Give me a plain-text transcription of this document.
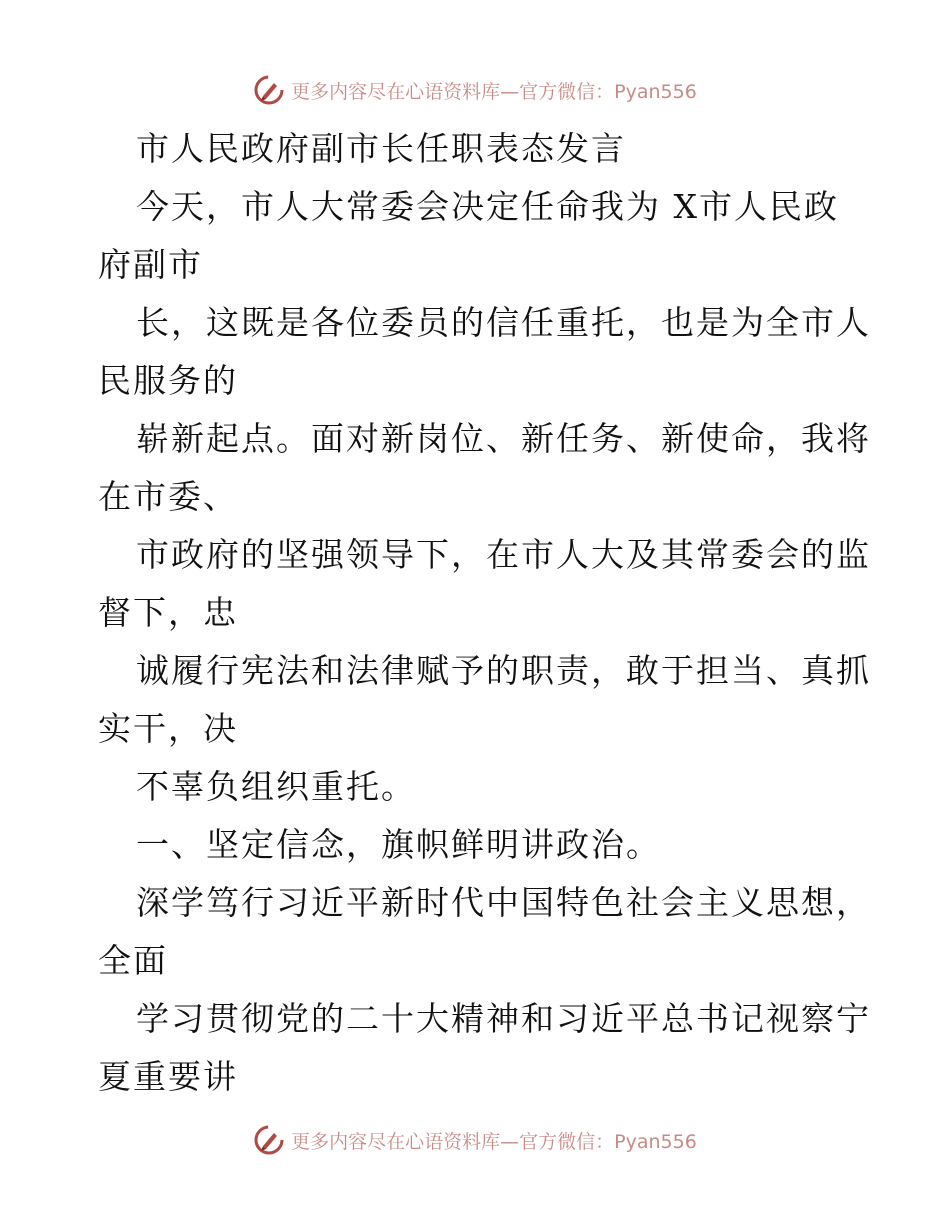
更多内容尽在心语资料库—官方微信：Pyan556
市人民政府副市长任职表态发言
今天，市人大常委会决定任命我为 X市人民政
府副市
长，这既是各位委员的信任重托，也是为全市人
民服务的
崭新起点。面对新岗位、新任务、新使命，我将
在市委、
市政府的坚强领导下，在市人大及其常委会的监
督下，忠
诚履行宪法和法律赋予的职责，敢于担当、真抓
实干，决
不辜负组织重托。
一、坚定信念，旗帜鲜明讲政治。
深学笃行习近平新时代中国特色社会主义思想，
全面
学习贯彻党的二十大精神和习近平总书记视察宁
夏重要讲
更多内容尽在心语资料库—官方微信：Pyan556
